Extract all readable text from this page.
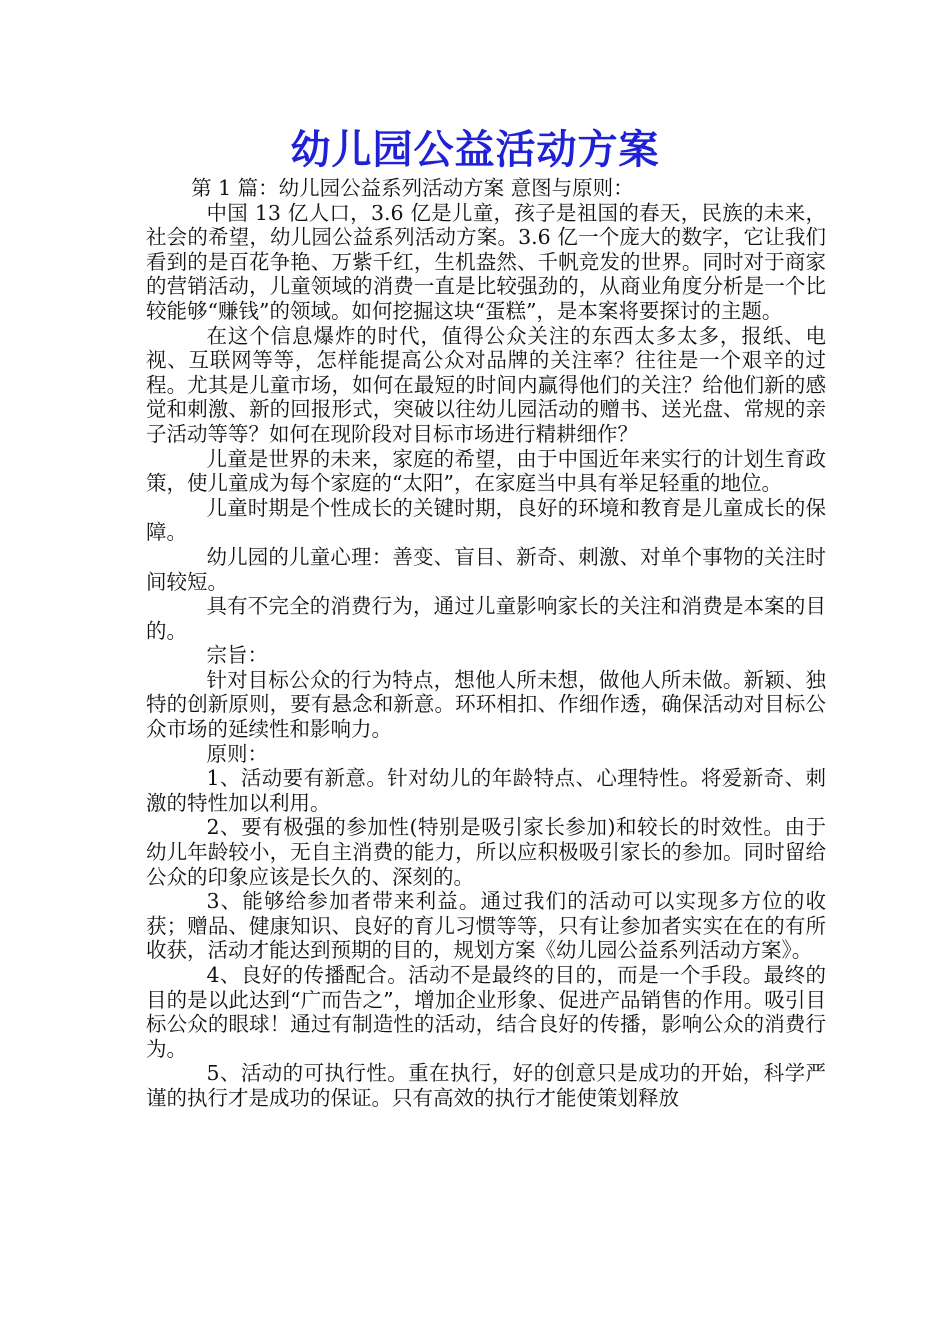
幼儿园公益活动方案

第 1 篇：幼儿园公益系列活动方案 意图与原则：

中国 13 亿人口，3.6 亿是儿童，孩子是祖国的春天，民族的未来，社会的希望，幼儿园公益系列活动方案。3.6 亿一个庞大的数字，它让我们看到的是百花争艳、万紫千红，生机盎然、千帆竞发的世界。同时对于商家的营销活动，儿童领域的消费一直是比较强劲的，从商业角度分析是一个比较能够“赚钱”的领域。如何挖掘这块“蛋糕”，是本案将要探讨的主题。

在这个信息爆炸的时代，值得公众关注的东西太多太多，报纸、电视、互联网等等，怎样能提高公众对品牌的关注率？往往是一个艰辛的过程。尤其是儿童市场，如何在最短的时间内赢得他们的关注？给他们新的感觉和刺激、新的回报形式，突破以往幼儿园活动的赠书、送光盘、常规的亲子活动等等？如何在现阶段对目标市场进行精耕细作？

儿童是世界的未来，家庭的希望，由于中国近年来实行的计划生育政策，使儿童成为每个家庭的“太阳”，在家庭当中具有举足轻重的地位。

儿童时期是个性成长的关键时期，良好的环境和教育是儿童成长的保障。

幼儿园的儿童心理：善变、盲目、新奇、刺激、对单个事物的关注时间较短。

具有不完全的消费行为，通过儿童影响家长的关注和消费是本案的目的。

宗旨：

针对目标公众的行为特点，想他人所未想，做他人所未做。新颖、独特的创新原则，要有悬念和新意。环环相扣、作细作透，确保活动对目标公众市场的延续性和影响力。

原则：

1、活动要有新意。针对幼儿的年龄特点、心理特性。将爱新奇、刺激的特性加以利用。

2、要有极强的参加性(特别是吸引家长参加)和较长的时效性。由于幼儿年龄较小，无自主消费的能力，所以应积极吸引家长的参加。同时留给公众的印象应该是长久的、深刻的。

3、能够给参加者带来利益。通过我们的活动可以实现多方位的收获；赠品、健康知识、良好的育儿习惯等等，只有让参加者实实在在的有所收获，活动才能达到预期的目的，规划方案《幼儿园公益系列活动方案》。

4、良好的传播配合。活动不是最终的目的，而是一个手段。最终的目的是以此达到“广而告之”，增加企业形象、促进产品销售的作用。吸引目标公众的眼球！通过有制造性的活动，结合良好的传播，影响公众的消费行为。

5、活动的可执行性。重在执行，好的创意只是成功的开始，科学严谨的执行才是成功的保证。只有高效的执行才能使策划释放
